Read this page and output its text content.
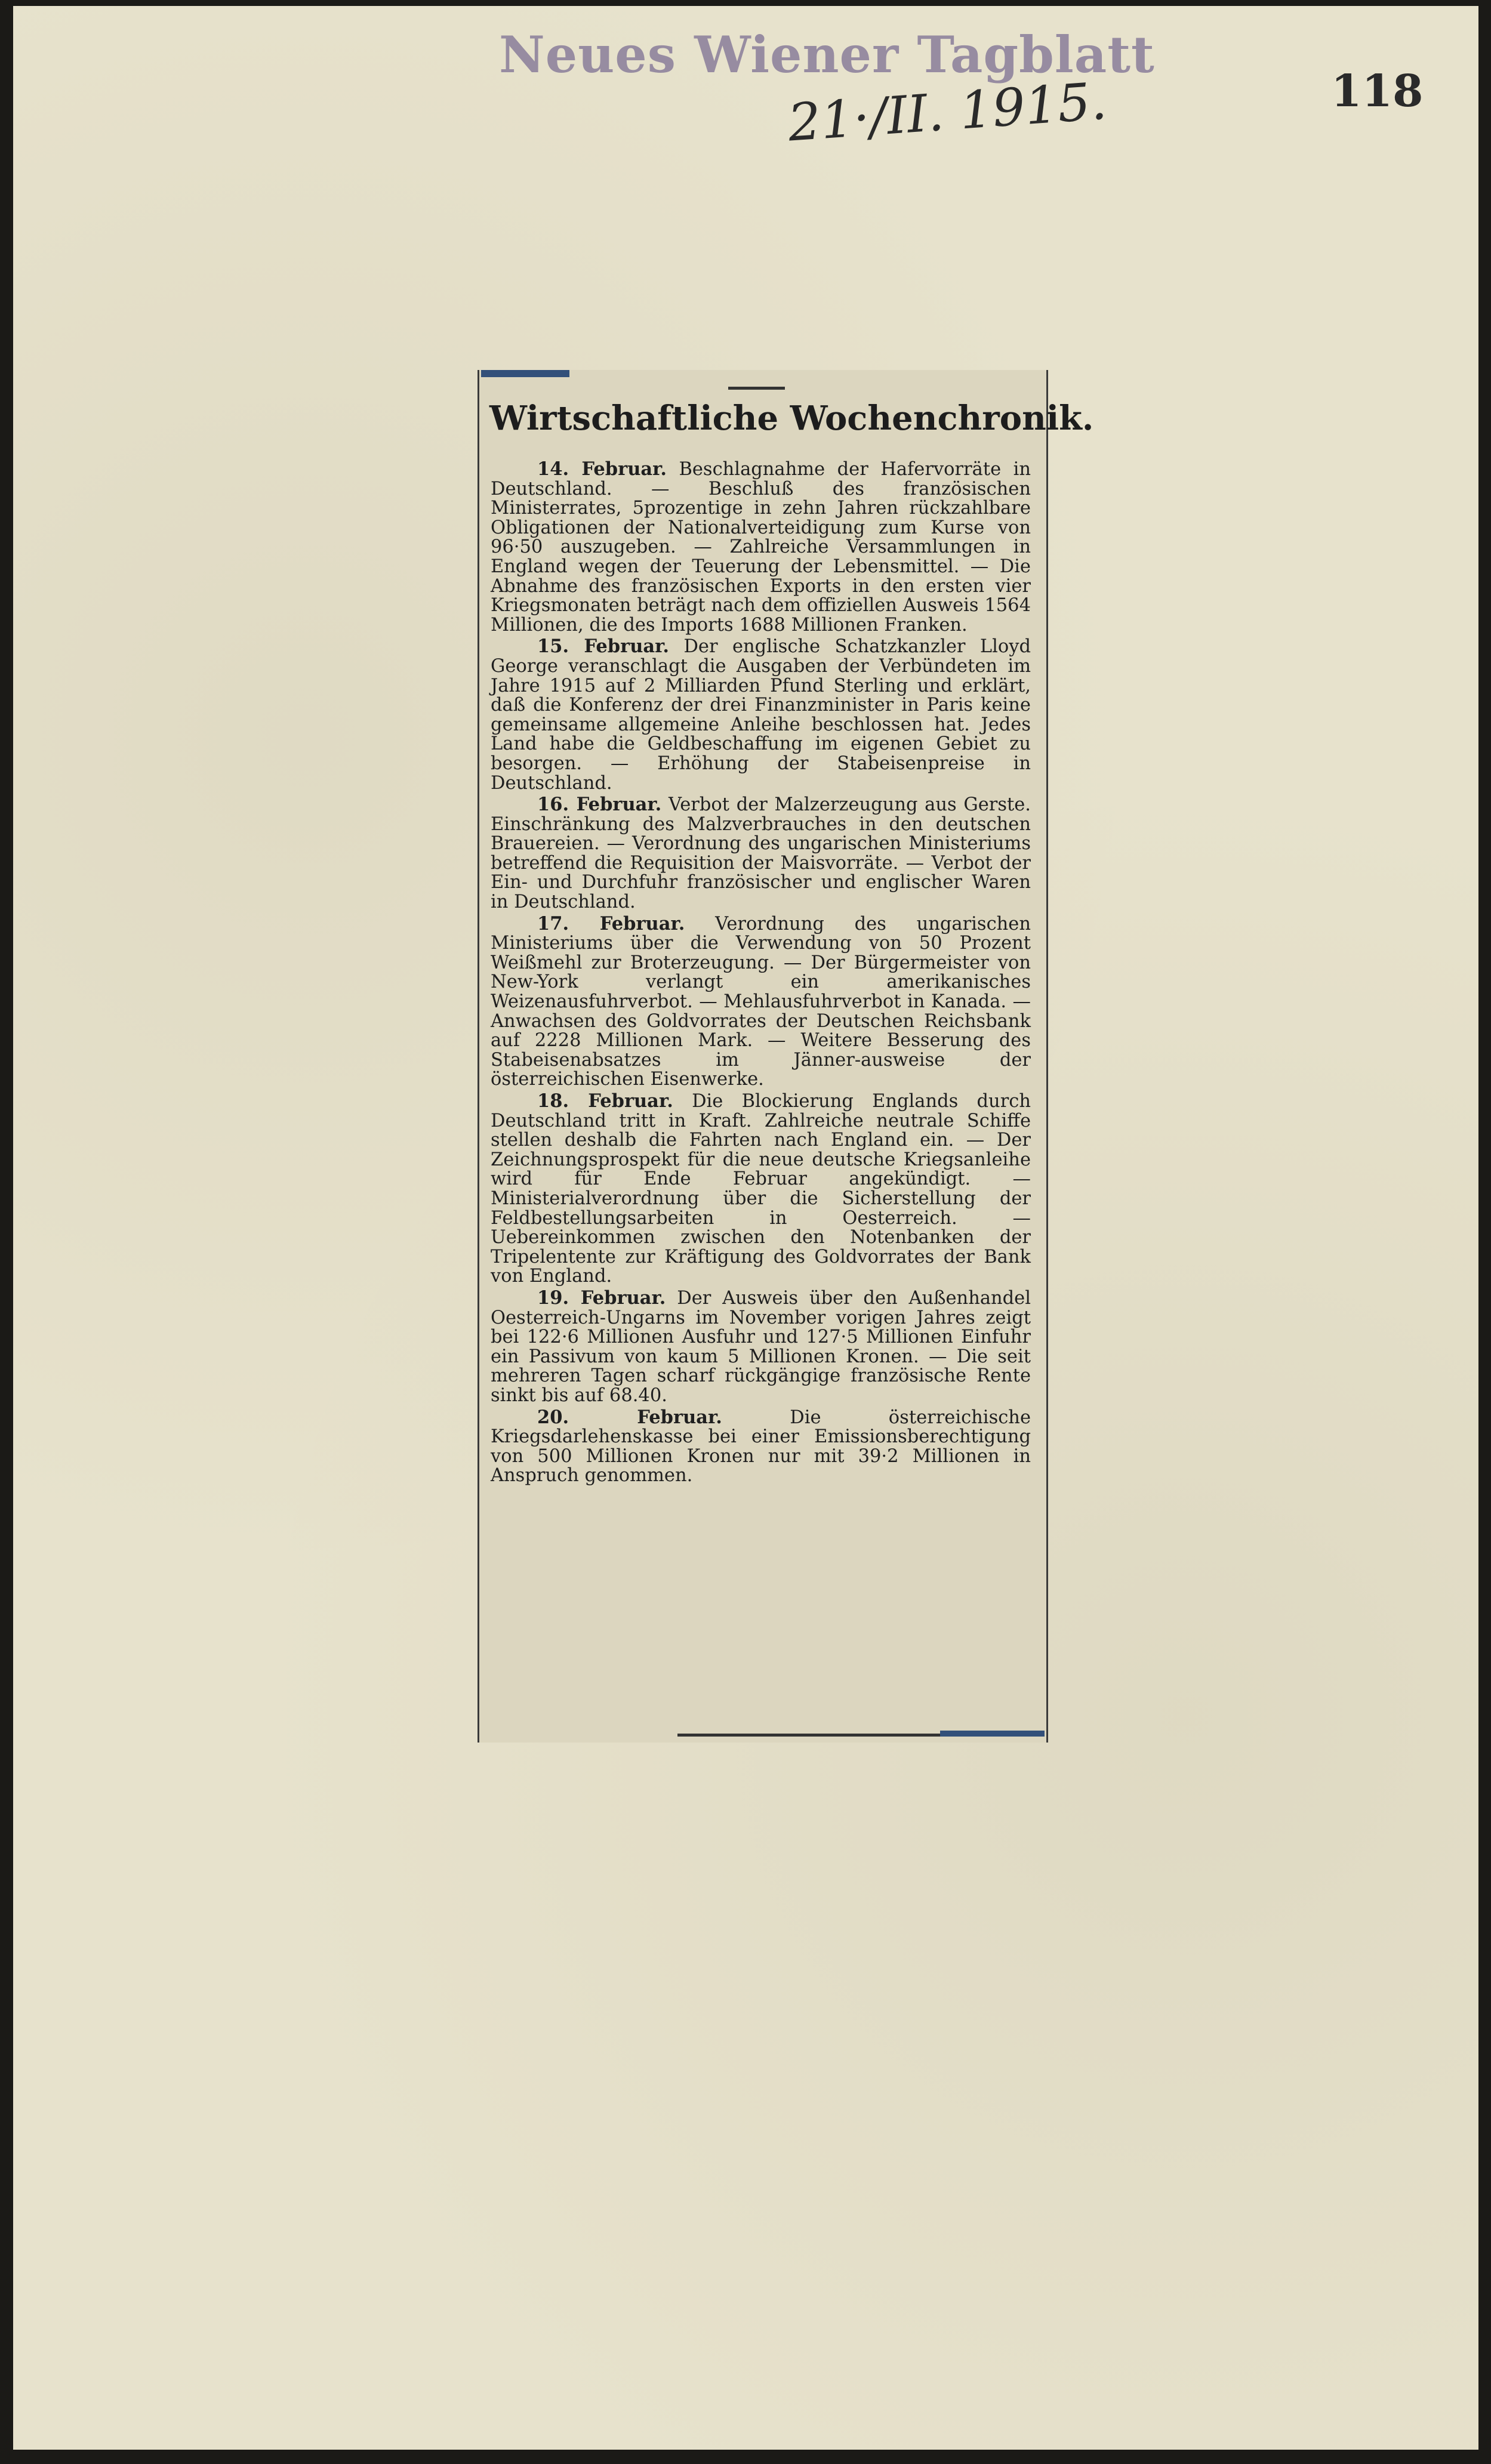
Neues Wiener Tagblatt
21·/II. 1915.	118
Wirtschaftliche Wochenchronik.

14. Februar. Beschlagnahme der Hafervorräte in Deutschland. — Beschluß des französischen Ministerrates, 5prozentige in zehn Jahren rückzahlbare Obligationen der Nationalverteidigung zum Kurse von 96·50 auszugeben. — Zahlreiche Versammlungen in England wegen der Teuerung der Lebensmittel. — Die Abnahme des französischen Exports in den ersten vier Kriegsmonaten beträgt nach dem offiziellen Ausweis 1564 Millionen, die des Imports 1688 Millionen Franken.

15. Februar. Der englische Schatzkanzler Lloyd George veranschlagt die Ausgaben der Verbündeten im Jahre 1915 auf 2 Milliarden Pfund Sterling und erklärt, daß die Konferenz der drei Finanzminister in Paris keine gemeinsame allgemeine Anleihe beschlossen hat. Jedes Land habe die Geldbeschaffung im eigenen Gebiet zu besorgen. — Erhöhung der Stabeisenpreise in Deutschland.

16. Februar. Verbot der Malzerzeugung aus Gerste. Einschränkung des Malzverbrauches in den deutschen Brauereien. — Verordnung des ungarischen Ministeriums betreffend die Requisition der Maisvorräte. — Verbot der Ein- und Durchfuhr französischer und englischer Waren in Deutschland.

17. Februar. Verordnung des ungarischen Ministeriums über die Verwendung von 50 Prozent Weißmehl zur Broterzeugung. — Der Bürgermeister von New-York verlangt ein amerikanisches Weizenausfuhrverbot. — Mehlausfuhrverbot in Kanada. — Anwachsen des Goldvorrates der Deutschen Reichsbank auf 2228 Millionen Mark. — Weitere Besserung des Stabeisenabsatzes im Jänner-ausweise der österreichischen Eisenwerke.

18. Februar. Die Blockierung Englands durch Deutschland tritt in Kraft. Zahlreiche neutrale Schiffe stellen deshalb die Fahrten nach England ein. — Der Zeichnungsprospekt für die neue deutsche Kriegsanleihe wird für Ende Februar angekündigt. — Ministerialverordnung über die Sicherstellung der Feldbestellungsarbeiten in Oesterreich. — Uebereinkommen zwischen den Notenbanken der Tripelentente zur Kräftigung des Goldvorrates der Bank von England.

19. Februar. Der Ausweis über den Außenhandel Oesterreich-Ungarns im November vorigen Jahres zeigt bei 122·6 Millionen Ausfuhr und 127·5 Millionen Einfuhr ein Passivum von kaum 5 Millionen Kronen. — Die seit mehreren Tagen scharf rückgängige französische Rente sinkt bis auf 68.40.

20. Februar.	Die österreichische Kriegsdarlehenskasse bei einer Emissionsberechtigung von 500 Millionen Kronen nur mit 39·2 Millionen in Anspruch genommen.
